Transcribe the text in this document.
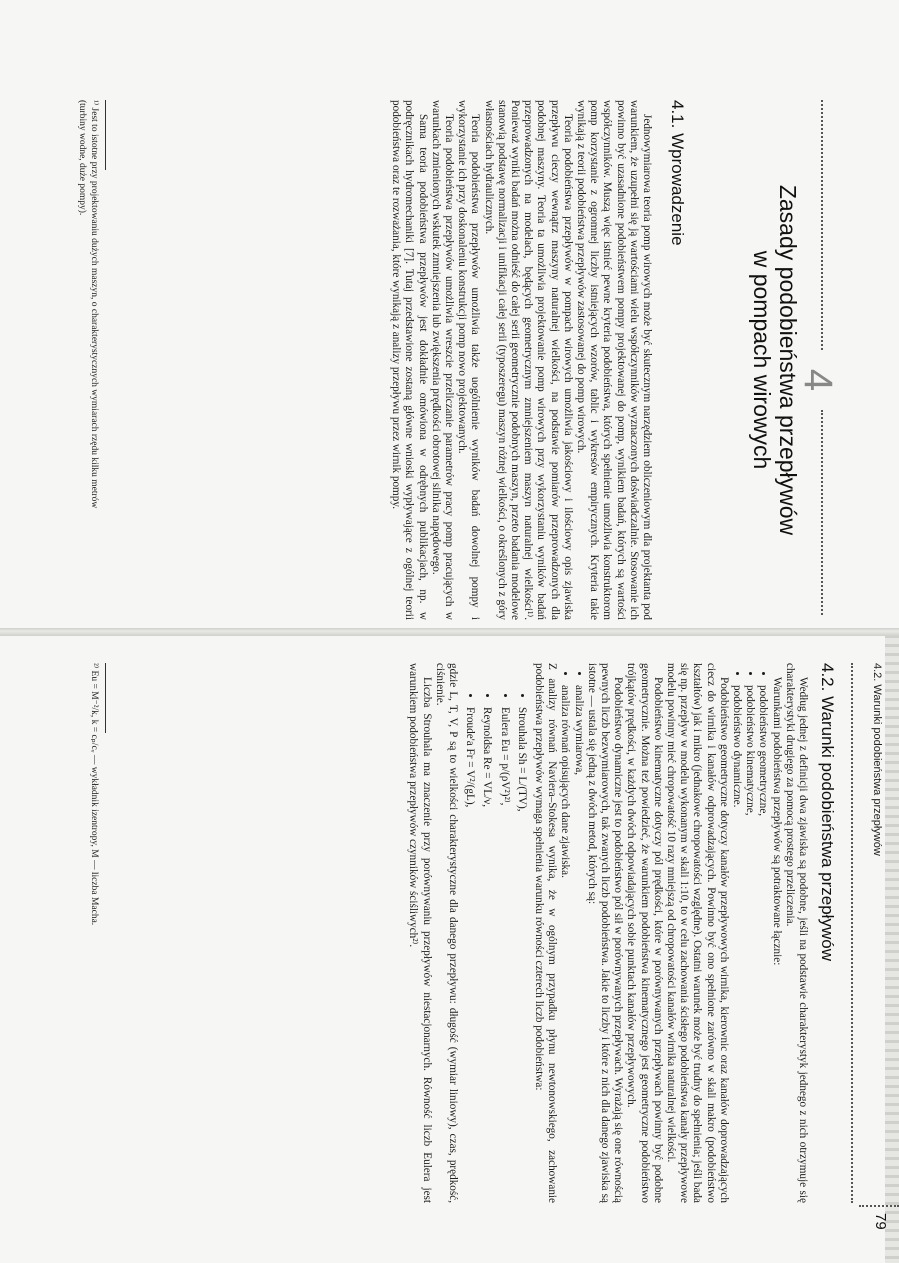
4
Zasady podobieństwa przepływów
w pompach wirowych
4.1. Wprowadzenie

Jednowymiarowa teoria pomp wirowych może być skutecznym narzędziem obliczeniowym dla projektanta pod warunkiem, że uzupełni się ją wartościami wielu współczynników wyznaczonych doświadczalnie. Stosowanie ich powinno być uzasadnione podobieństwem pompy projektowanej do pomp, wynikiem badań, których są wartości współczynników. Muszą więc istnieć pewne kryteria podobieństwa, których spełnienie umożliwia konstruktorom pomp korzystanie z ogromnej liczby istniejących wzorów, tablic i wykresów empirycznych. Kryteria takie wynikają z teorii podobieństwa przepływów zastosowanej do pomp wirowych.

Teoria podobieństwa przepływów w pompach wirowych umożliwia jakościowy i ilościowy opis zjawiska przepływu cieczy wewnątrz maszyny naturalnej wielkości, na podstawie pomiarów przeprowadzonych dla podobnej maszyny. Teoria ta umożliwia projektowanie pomp wirowych przy wykorzystaniu wyników badań przeprowadzonych na modelach, będących geometrycznym zmniejszeniem maszyn naturalnej wielkości¹⁾. Ponieważ wyniki badań można odnieść do całej serii geometrycznie podobnych maszyn, przeto badania modelowe stanowią podstawę normalizacji i unifikacji całej serii (typoszeregu) maszyn różnej wielkości, o określonych z góry własnościach hydraulicznych.

Teoria podobieństwa przepływów umożliwia także uogólnienie wyników badań dowolnej pompy i wykorzystanie ich przy doskonaleniu konstrukcji pomp nowo projektowanych.

Teoria podobieństwa przepływów umożliwia wreszcie przeliczanie parametrów pracy pomp pracujących w warunkach zmienionych wskutek zmniejszenia lub zwiększenia prędkości obrotowej silnika napędowego.

Sama teoria podobieństwa przepływów jest dokładnie omówiona w odrębnych publikacjach, np. w podręcznikach hydromechaniki [7]. Tutaj przedstawione zostaną główne wnioski wypływające z ogólnej teorii podobieństwa oraz te rozważania, które wynikają z analizy przepływu przez wirnik pompy.

¹⁾ Jest to istotne przy projektowaniu dużych maszyn, o charakterystycznych wymiarach rzędu kilku metrów
(turbiny wodne, duże pompy).
4.2. Warunki podobieństwa przepływów
79
4.2. Warunki podobieństwa przepływów

Według jednej z definicji dwa zjawiska są podobne, jeśli na podstawie charakterystyk jednego z nich otrzymuje się charakterystyki drugiego za pomocą prostego przeliczenia.

Warunkami podobieństwa przepływów są potraktowane łącznie:

• podobieństwo geometryczne,
• podobieństwo kinematyczne,
• podobieństwo dynamiczne.

Podobieństwo geometryczne dotyczy kanałów przepływowych wirnika, kierownic oraz kanałów doprowadzających ciecz do wirnika i kanałów odprowadzających. Powinno być ono spełnione zarówno w skali makro (podobieństwo kształtów) jak i mikro (jednakowe chropowatości względne). Ostatni warunek może być trudny do spełnienia; jeśli bada się np. przepływ w modelu wykonanym w skali 1:10, to w celu zachowania ścisłego podobieństwa kanały przepływowe modelu powinny mieć chropowatość 10 razy mniejszą od chropowatości kanałów wirnika naturalnej wielkości.

Podobieństwo kinematyczne dotyczy pól prędkości, które w porównywanych przepływach powinny być podobne geometrycznie. Można też powiedzieć, że warunkiem podobieństwa kinematycznego jest geometryczne podobieństwo trójkątów prędkości, w każdych dwóch odpowiadających sobie punktach kanałów przepływowych.

Podobieństwo dynamiczne jest to podobieństwo pól sił w porównywanych przepływach. Wyrażają się one równością pewnych liczb bezwymiarowych, tak zwanych liczb podobieństwa. Jakie to liczby i które z nich dla danego zjawiska są istotne — ustala się jedną z dwóch metod, których są:

• analiza wymiarowa,
• analiza równań opisujących dane zjawiska.

Z analizy równań Naviera–Stokesa wynika, że w ogólnym przypadku płynu newtonowskiego, zachowanie podobieństwa przepływów wymaga spełnienia warunku równości czterech liczb podobieństwa:

• Strouhala Sh = L/(TV),
• Eulera Eu = p/(ρV²)²⁾,
• Reynoldsa Re = VL/ν,
• Froude'a Fr = V²/(gL),

gdzie L, T, V, P są to wielkości charakterystyczne dla danego przepływu: długość (wymiar liniowy), czas, prędkość, ciśnienie.

Liczba Strouhala ma znaczenie przy porównywaniu przepływów niestacjonarnych. Równość liczb Eulera jest warunkiem podobieństwa przepływów czynników ściśliwych²⁾.

²⁾ Eu = M⁻²/k, k = cₚ/cᵥ — wykładnik izentropy, M — liczba Macha.
